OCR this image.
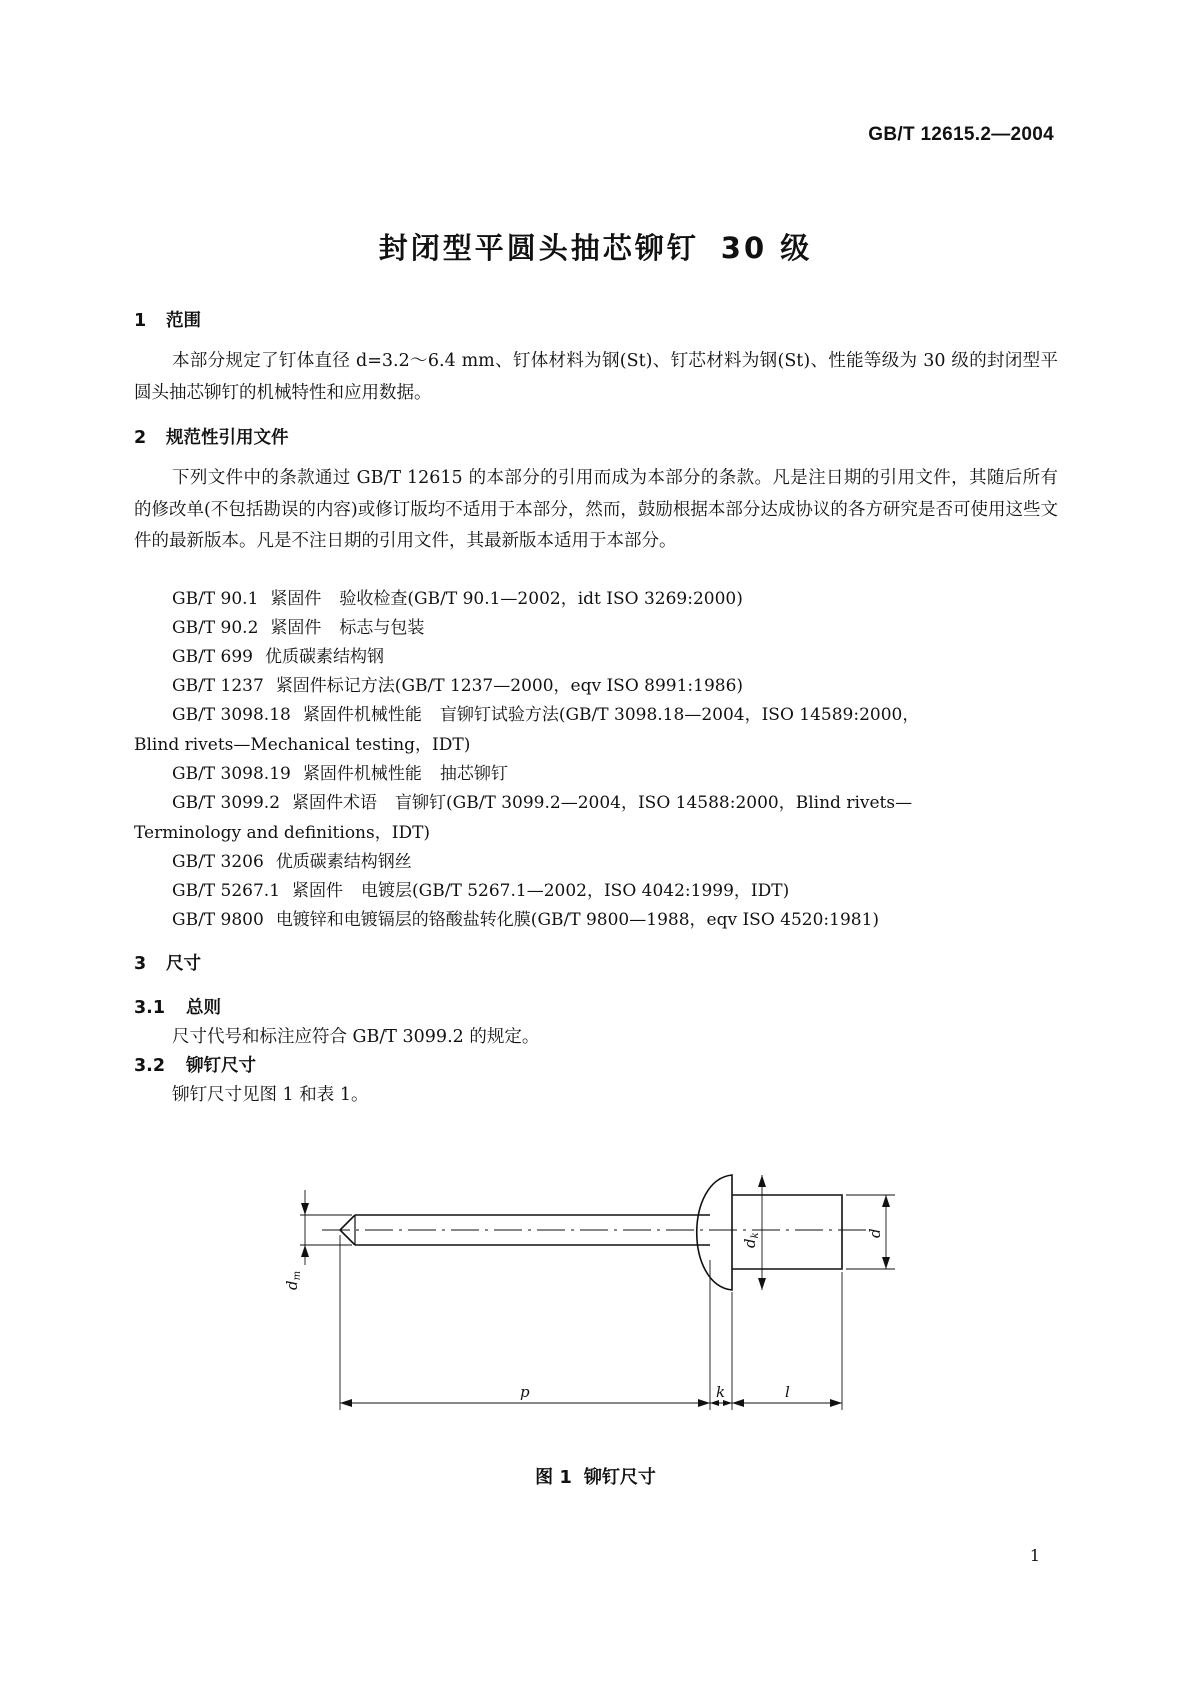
GB/T 12615.2—2004
封闭型平圆头抽芯铆钉 30 级
1 范围
本部分规定了钉体直径 d=3.2～6.4 mm、钉体材料为钢(St)、钉芯材料为钢(St)、性能等级为 30 级的封闭型平圆头抽芯铆钉的机械特性和应用数据。
2 规范性引用文件
下列文件中的条款通过 GB/T 12615 的本部分的引用而成为本部分的条款。凡是注日期的引用文件，其随后所有的修改单(不包括勘误的内容)或修订版均不适用于本部分，然而，鼓励根据本部分达成协议的各方研究是否可使用这些文件的最新版本。凡是不注日期的引用文件，其最新版本适用于本部分。
GB/T 90.1 紧固件 验收检查(GB/T 90.1—2002，idt ISO 3269:2000)
GB/T 90.2 紧固件 标志与包装
GB/T 699 优质碳素结构钢
GB/T 1237 紧固件标记方法(GB/T 1237—2000，eqv ISO 8991:1986)
GB/T 3098.18 紧固件机械性能 盲铆钉试验方法(GB/T 3098.18—2004，ISO 14589:2000，
Blind rivets—Mechanical testing，IDT)
GB/T 3098.19 紧固件机械性能 抽芯铆钉
GB/T 3099.2 紧固件术语 盲铆钉(GB/T 3099.2—2004，ISO 14588:2000，Blind rivets—
Terminology and definitions，IDT)
GB/T 3206 优质碳素结构钢丝
GB/T 5267.1 紧固件 电镀层(GB/T 5267.1—2002，ISO 4042:1999，IDT)
GB/T 9800 电镀锌和电镀镉层的铬酸盐转化膜(GB/T 9800—1988，eqv ISO 4520:1981)
3 尺寸
3.1 总则
尺寸代号和标注应符合 GB/T 3099.2 的规定。
3.2 铆钉尺寸
铆钉尺寸见图 1 和表 1。
$d_m$
$d_k$	d
p	k	l
图 1 铆钉尺寸
1
